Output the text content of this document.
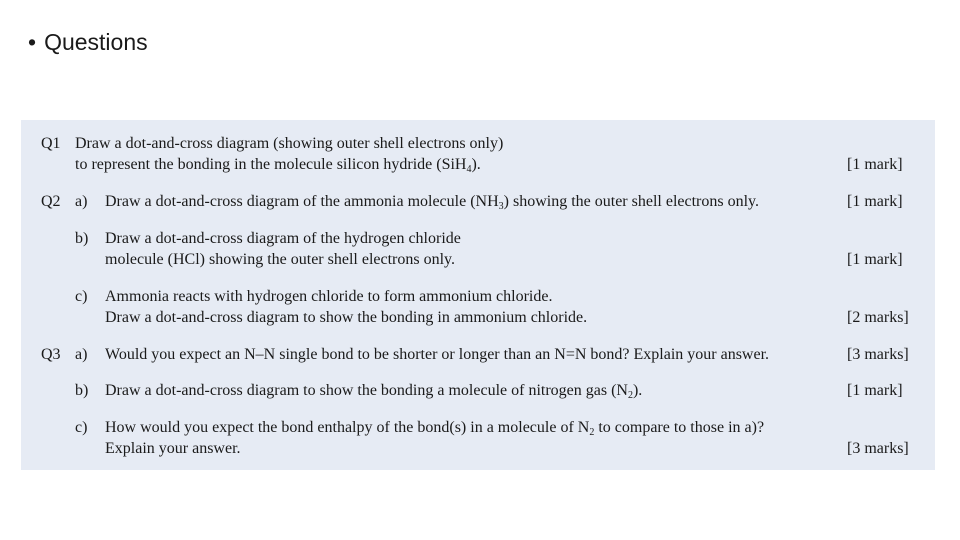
• Questions
Q1 Draw a dot-and-cross diagram (showing outer shell electrons only)
to represent the bonding in the molecule silicon hydride (SiH$_4$).	[1 mark]
Q2 a) Draw a dot-and-cross diagram of the ammonia molecule $(NH_3)$ showing the outer shell electrons only.	[1 mark]
b) Draw a dot-and-cross diagram of the hydrogen chloride
molecule (HCl) showing the outer shell electrons only.	[1 mark]
c) Ammonia reacts with hydrogen chloride to form ammonium chloride.
Draw a dot-and-cross diagram to show the bonding in ammonium chloride.	[2 marks]
Q3 a) Would you expect an N–N single bond to be shorter or longer than an N=N bond? Explain your answer.	[3 marks]
b) Draw a dot-and-cross diagram to show the bonding a molecule of nitrogen gas $(N_2)$.	[1 mark]
c) How would you expect the bond enthalpy of the bond(s) in a molecule of $N_2$ to compare to those in a)?
Explain your answer.	[3 marks]
